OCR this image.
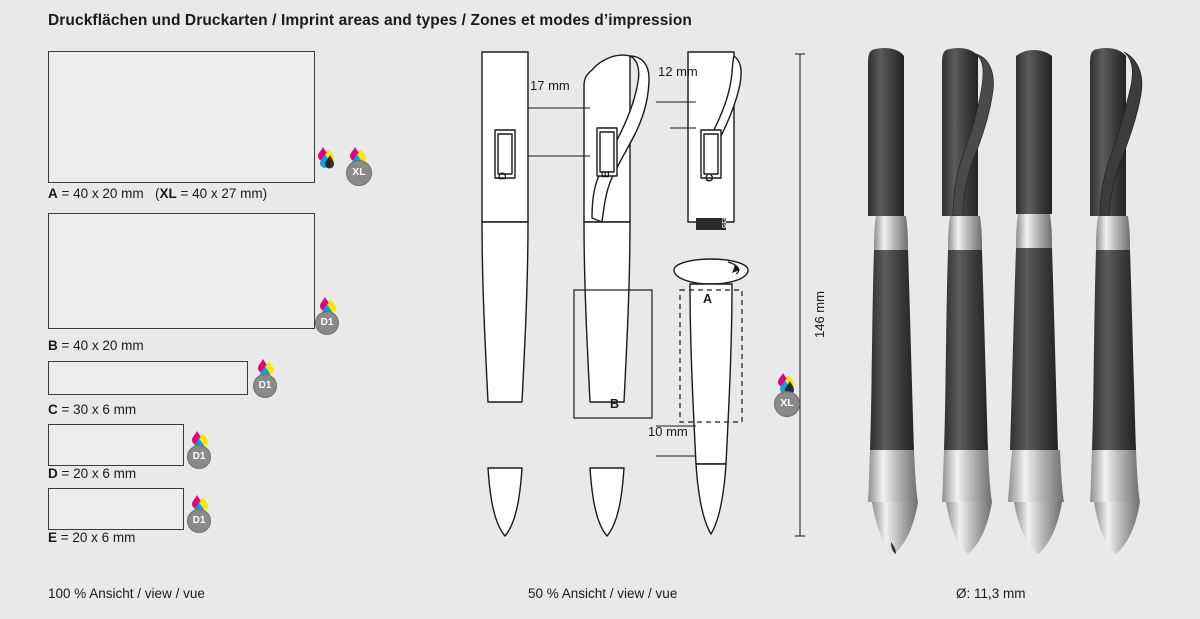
Druckflächen und Druckarten / Imprint areas and types / Zones et modes d’impression
A = 40 x 20 mm (XL = 40 x 27 mm)
XL
B = 40 x 20 mm
D1
C = 30 x 6 mm
D1
D = 20 x 6 mm
D1
E = 20 x 6 mm
D1
17 mm
12 mm
10 mm
146 mm
D	E	C
B
A
GERMANY
XL
100 % Ansicht / view / vue	50 % Ansicht / view / vue	Ø: 11,3 mm
